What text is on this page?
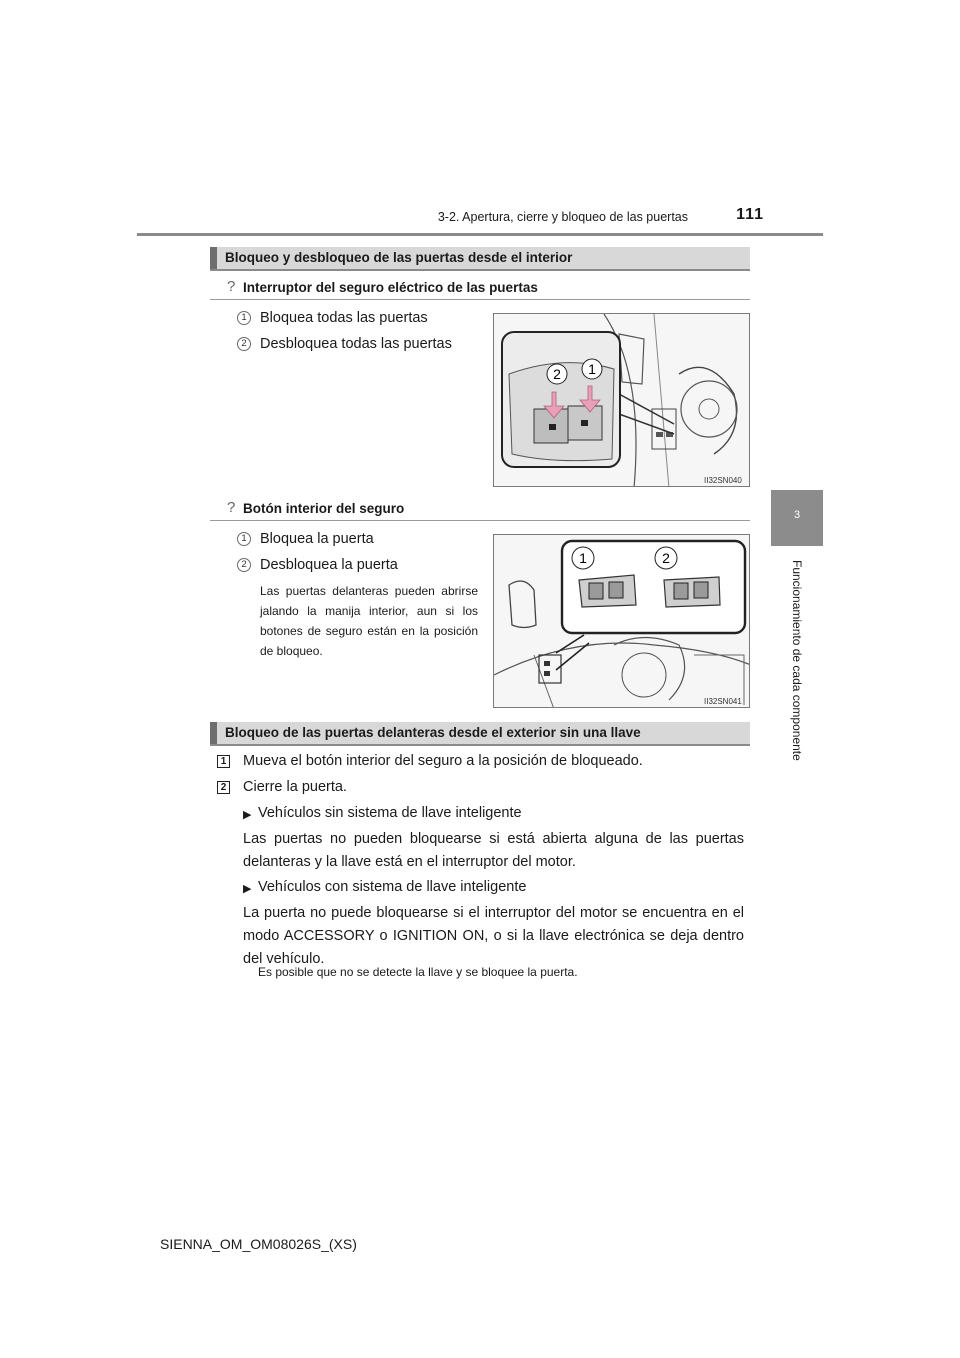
3-2. Apertura, cierre y bloqueo de las puertas	111
3
Funcionamiento de cada componente
Bloqueo y desbloqueo de las puertas desde el interior
? Interruptor del seguro eléctrico de las puertas
1 Bloquea todas las puertas
2 Desbloquea todas las puertas
2 1
II32SN040
? Botón interior del seguro
1 Bloquea la puerta
2 Desbloquea la puerta
Las puertas delanteras pueden abrirse jalando la manija interior, aun si los botones de seguro están en la posición de bloqueo.
1	2
II32SN041
Bloqueo de las puertas delanteras desde el exterior sin una llave
1 Mueva el botón interior del seguro a la posición de bloqueado.
2 Cierre la puerta.
▶ Vehículos sin sistema de llave inteligente
Las puertas no pueden bloquearse si está abierta alguna de las puertas delanteras y la llave está en el interruptor del motor.
▶ Vehículos con sistema de llave inteligente
La puerta no puede bloquearse si el interruptor del motor se encuentra en el modo ACCESSORY o IGNITION ON, o si la llave electrónica se deja dentro del vehículo.
Es posible que no se detecte la llave y se bloquee la puerta.
SIENNA_OM_OM08026S_(XS)
